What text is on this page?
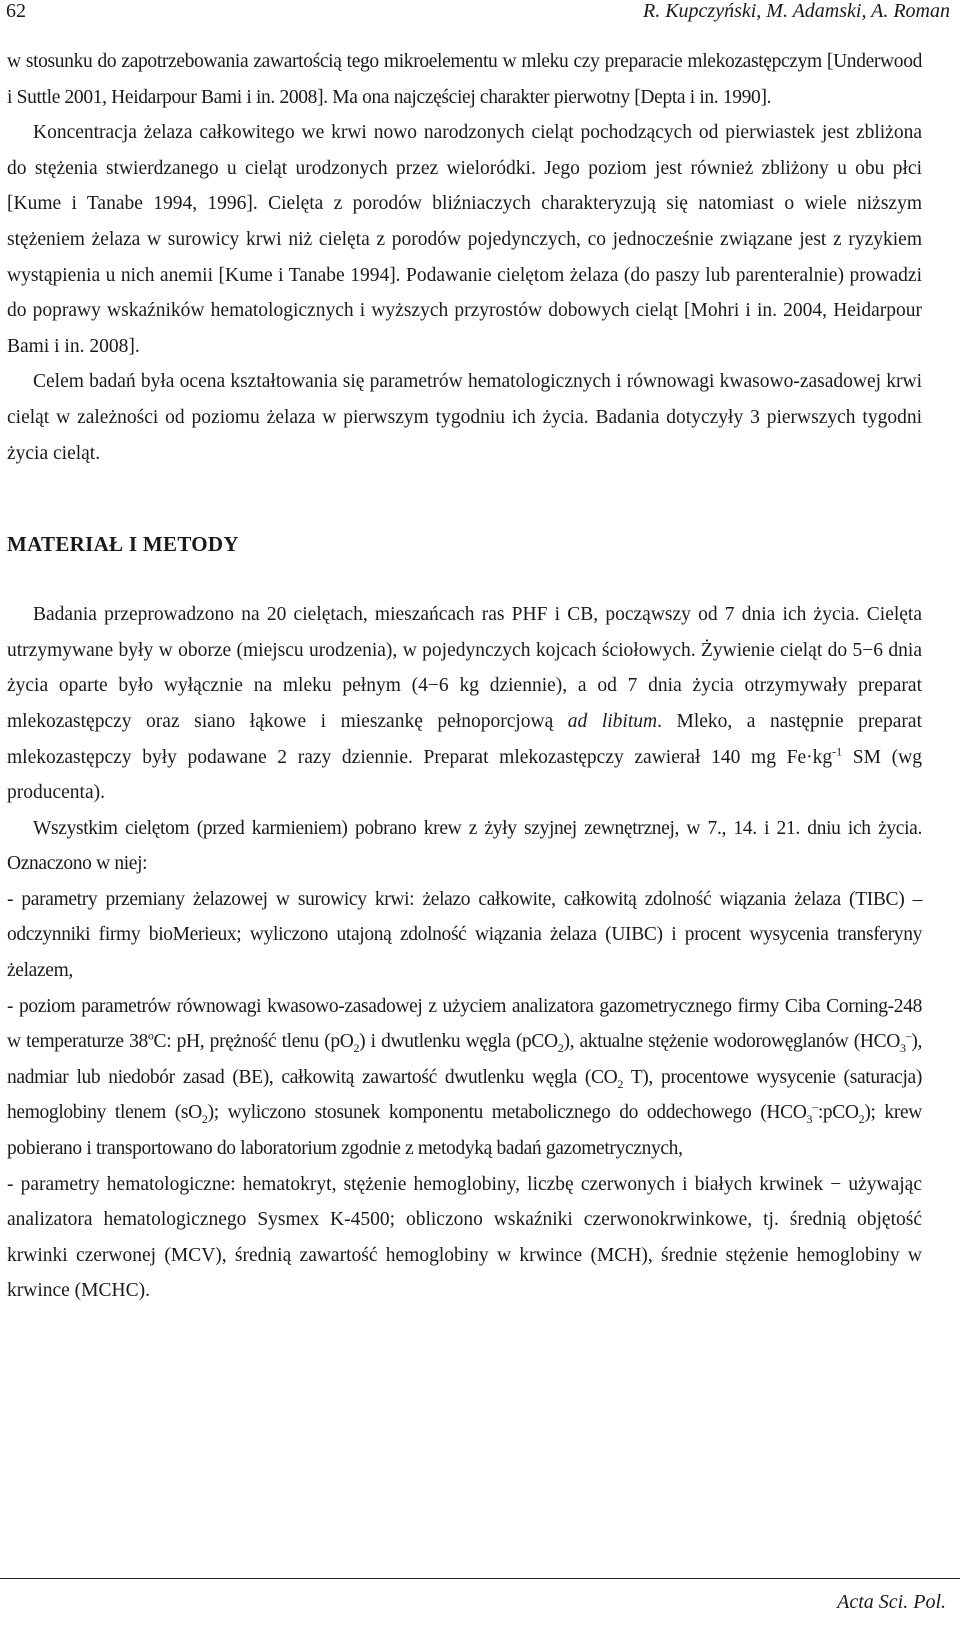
62	R. Kupczyński, M. Adamski, A. Roman

w stosunku do zapotrzebowania zawartością tego mikroelementu w mleku czy preparacie mlekozastępczym [Underwood i Suttle 2001, Heidarpour Bami i in. 2008]. Ma ona najczęściej charakter pierwotny [Depta i in. 1990].

Koncentracja żelaza całkowitego we krwi nowo narodzonych cieląt pochodzących od pierwiastek jest zbliżona do stężenia stwierdzanego u cieląt urodzonych przez wieloródki. Jego poziom jest również zbliżony u obu płci [Kume i Tanabe 1994, 1996]. Cielęta z porodów bliźniaczych charakteryzują się natomiast o wiele niższym stężeniem żelaza w surowicy krwi niż cielęta z porodów pojedynczych, co jednocześnie związane jest z ryzykiem wystąpienia u nich anemii [Kume i Tanabe 1994]. Podawanie cielętom żelaza (do paszy lub parenteralnie) prowadzi do poprawy wskaźników hematologicznych i wyższych przyrostów dobowych cieląt [Mohri i in. 2004, Heidarpour Bami i in. 2008].

Celem badań była ocena kształtowania się parametrów hematologicznych i równowagi kwasowo-zasadowej krwi cieląt w zależności od poziomu żelaza w pierwszym tygodniu ich życia. Badania dotyczyły 3 pierwszych tygodni życia cieląt.

MATERIAŁ I METODY

Badania przeprowadzono na 20 cielętach, mieszańcach ras PHF i CB, począwszy od 7 dnia ich życia. Cielęta utrzymywane były w oborze (miejscu urodzenia), w pojedynczych kojcach ściołowych. Żywienie cieląt do 5−6 dnia życia oparte było wyłącznie na mleku pełnym (4−6 kg dziennie), a od 7 dnia życia otrzymywały preparat mlekozastępczy oraz siano łąkowe i mieszankę pełnoporcjową ad libitum. Mleko, a następnie preparat mlekozastępczy były podawane 2 razy dziennie. Preparat mlekozastępczy zawierał 140 mg $Fe\cdot kg^{-1}$ SM (wg producenta).

Wszystkim cielętom (przed karmieniem) pobrano krew z żyły szyjnej zewnętrznej, w 7., 14. i 21. dniu ich życia. Oznaczono w niej:

- parametry przemiany żelazowej w surowicy krwi: żelazo całkowite, całkowitą zdolność wiązania żelaza (TIBC) – odczynniki firmy bioMerieux; wyliczono utajoną zdolność wiązania żelaza (UIBC) i procent wysycenia transferyny żelazem,

- poziom parametrów równowagi kwasowo-zasadowej z użyciem analizatora gazometrycznego firmy Ciba Corning-248 w temperaturze 38$^o$C: pH, prężność tlenu $(pO_2)$ i dwutlenku węgla (pCO$_2$), aktualne stężenie wodorowęglanów $(HCO_3^-)$, nadmiar lub niedobór zasad (BE), całkowitą zawartość dwutlenku węgla ($CO_2$ T), procentowe wysycenie (saturacja) hemoglobiny tlenem $(sO_2)$; wyliczono stosunek komponentu metabolicznego do oddechowego $(HCO_3^-:pCO_2)$; krew pobierano i transportowano do laboratorium zgodnie z metodyką badań gazometrycznych,

- parametry hematologiczne: hematokryt, stężenie hemoglobiny, liczbę czerwonych i białych krwinek − używając analizatora hematologicznego Sysmex K-4500; obliczono wskaźniki czerwonokrwinkowe, tj. średnią objętość krwinki czerwonej (MCV), średnią zawartość hemoglobiny w krwince (MCH), średnie stężenie hemoglobiny w krwince (MCHC).

Acta Sci. Pol.
